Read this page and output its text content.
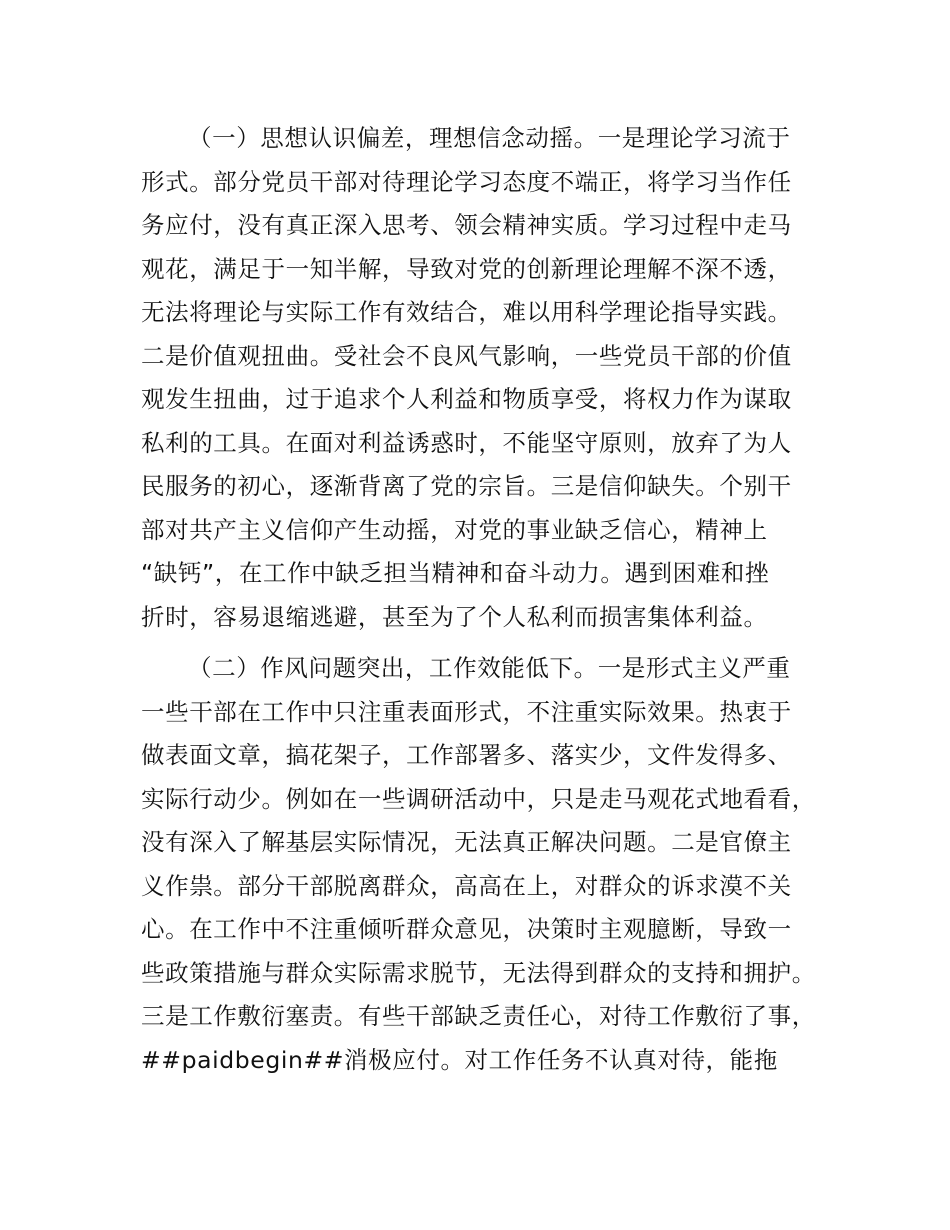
（一）思想认识偏差，理想信念动摇。一是理论学习流于
形式。部分党员干部对待理论学习态度不端正，将学习当作任
务应付，没有真正深入思考、领会精神实质。学习过程中走马
观花，满足于一知半解，导致对党的创新理论理解不深不透，
无法将理论与实际工作有效结合，难以用科学理论指导实践。
二是价值观扭曲。受社会不良风气影响，一些党员干部的价值
观发生扭曲，过于追求个人利益和物质享受，将权力作为谋取
私利的工具。在面对利益诱惑时，不能坚守原则，放弃了为人
民服务的初心，逐渐背离了党的宗旨。三是信仰缺失。个别干
部对共产主义信仰产生动摇，对党的事业缺乏信心，精神上
“缺钙”，在工作中缺乏担当精神和奋斗动力。遇到困难和挫
折时，容易退缩逃避，甚至为了个人私利而损害集体利益。
（二）作风问题突出，工作效能低下。一是形式主义严重
一些干部在工作中只注重表面形式，不注重实际效果。热衷于
做表面文章，搞花架子，工作部署多、落实少，文件发得多、
实际行动少。例如在一些调研活动中，只是走马观花式地看看，
没有深入了解基层实际情况，无法真正解决问题。二是官僚主
义作祟。部分干部脱离群众，高高在上，对群众的诉求漠不关
心。在工作中不注重倾听群众意见，决策时主观臆断，导致一
些政策措施与群众实际需求脱节，无法得到群众的支持和拥护。
三是工作敷衍塞责。有些干部缺乏责任心，对待工作敷衍了事，
##paidbegin##消极应付。对工作任务不认真对待，能拖
